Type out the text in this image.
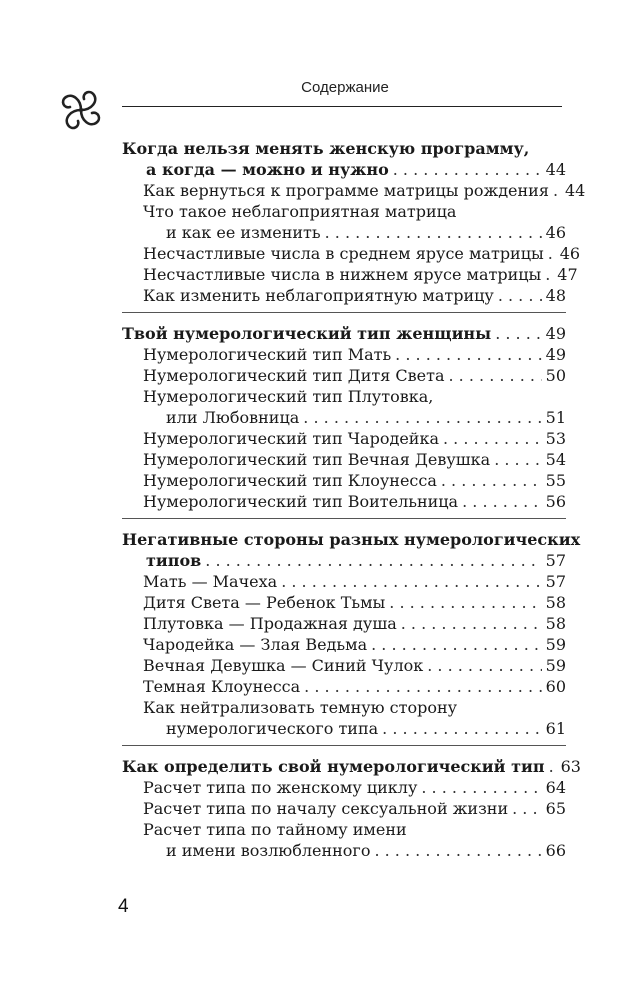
Содержание
Когда нельзя менять женскую программу,
а когда — можно и нужно . . .	44
Как вернуться к программе матрицы рождения . . . 44
Что такое неблагоприятная матрица
и как ее изменить . . .	46
Несчастливые числа в среднем ярусе матрицы . . . 46
Несчастливые числа в нижнем ярусе матрицы . . . 47
Как изменить неблагоприятную матрицу . . .	48
Твой нумерологический тип женщины . . .	49
Нумерологический тип Мать . . .	49
Нумерологический тип Дитя Света . . .	50
Нумерологический тип Плутовка,
или Любовница . . .	51
Нумерологический тип Чародейка . . .	53
Нумерологический тип Вечная Девушка . . .	54
Нумерологический тип Клоунесса . . .	55
Нумерологический тип Воительница . . .	56
Негативные стороны разных нумерологических
типов . . .	57
Мать — Мачеха . . .	57
Дитя Света — Ребенок Тьмы . . .	58
Плутовка — Продажная душа . . .	58
Чародейка — Злая Ведьма . . .	59
Вечная Девушка — Синий Чулок . . .	59
Темная Клоунесса . . .	60
Как нейтрализовать темную сторону
нумерологического типа . . .	61
Как определить свой нумерологический тип . . . 63
Расчет типа по женскому циклу . . .	64
Расчет типа по началу сексуальной жизни . . . 65
Расчет типа по тайному имени
и имени возлюбленного . . .	66
4
